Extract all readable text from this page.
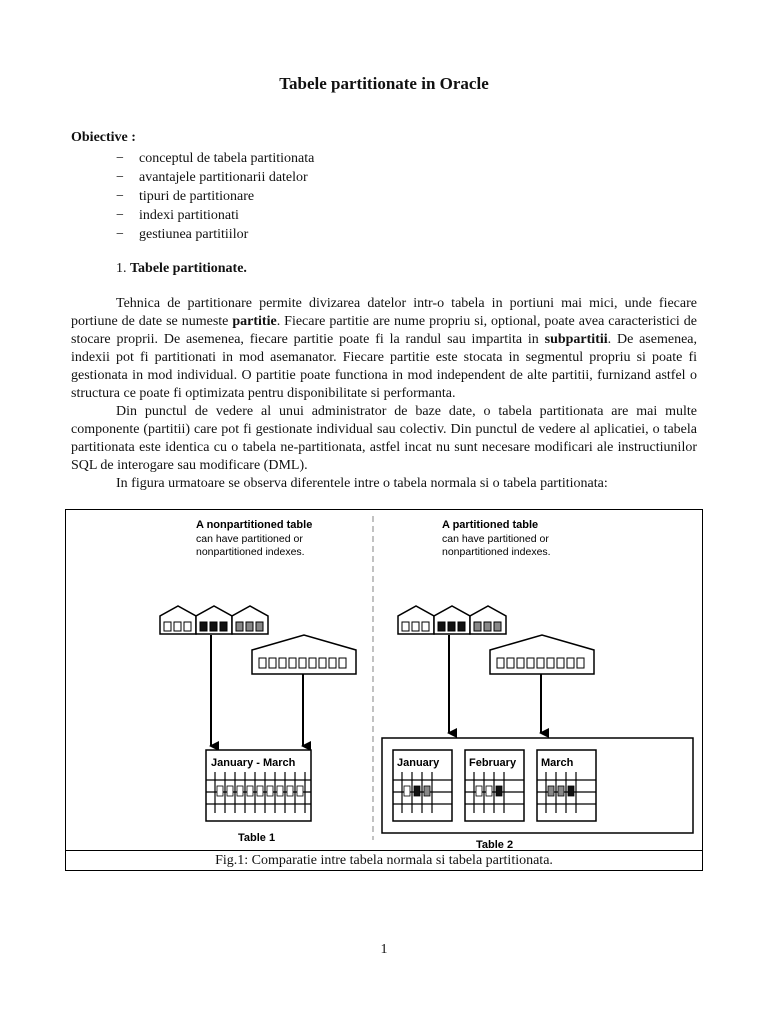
Tabele partitionate in Oracle
Obiective :
− conceptul de tabela partitionata
− avantajele partitionarii datelor
− tipuri de partitionare
− indexi partitionati
− gestiunea partitiilor
1. Tabele partitionate.

Tehnica de partitionare permite divizarea datelor intr-o tabela in portiuni mai mici, unde fiecare portiune de date se numeste partitie. Fiecare partitie are nume propriu si, optional, poate avea caracteristici de stocare proprii. De asemenea, fiecare partitie poate fi la randul sau impartita in subpartitii. De asemenea, indexii pot fi partitionati in mod asemanator. Fiecare partitie este stocata in segmentul propriu si poate fi gestionata in mod individual. O partitie poate functiona in mod independent de alte partitii, furnizand astfel o structura ce poate fi optimizata pentru disponibilitate si performanta.

Din punctul de vedere al unui administrator de baze date, o tabela partitionata are mai multe componente (partitii) care pot fi gestionate individual sau colectiv. Din punctul de vedere al aplicatiei, o tabela partitionata este identica cu o tabela ne-partitionata, astfel incat nu sunt necesare modificari ale instructiunilor SQL de interogare sau modificare (DML).

In figura urmatoare se observa diferentele intre o tabela normala si o tabela partitionata:

A nonpartitioned table
can have partitioned or
nonpartitioned indexes.
A partitioned table
can have partitioned or
nonpartitioned indexes.
January - March
Table 1
January	February March
Table 2
Fig.1: Comparatie intre tabela normala si tabela partitionata.
1
